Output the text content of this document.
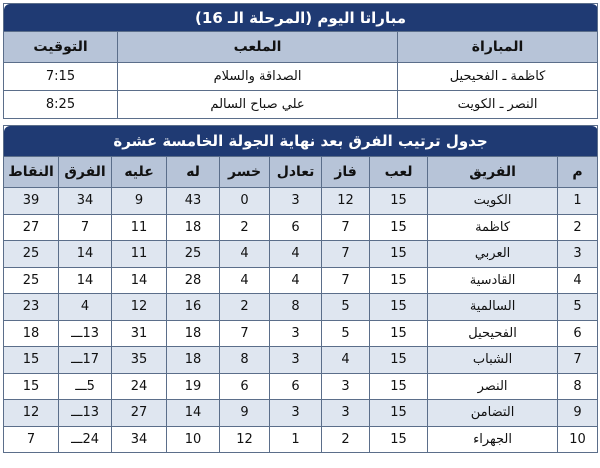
مباراتا اليوم (المرحلة الـ 16)		
المباراة	الملعب	التوقيت
كاظمة ـ الفحيحيل	الصداقة والسلام	7:15
النصر ـ الكويت	علي صباح السالم	8:25
جدول ترتيب الفرق بعد نهاية الجولة الخامسة عشرة									
م	الفريق	لعب	فاز	تعادل	خسر	له	عليه	الفرق	النقاط
1	الكويت	15	12	3	0	43	9	34	39
2	كاظمة	15	7	6	2	18	11	7	27
3	العربي	15	7	4	4	25	11	14	25
4	القادسية	15	7	4	4	28	14	14	25
5	السالمية	15	5	8	2	16	12	4	23
6	الفحيحيل	15	5	3	7	18	31	13ـــ	18
7	الشباب	15	4	3	8	18	35	17ـــ	15
8	النصر	15	3	6	6	19	24	5ـــ	15
9	التضامن	15	3	3	9	14	27	13ـــ	12
10	الجهراء	15	2	1	12	10	34	24ـــ	7
